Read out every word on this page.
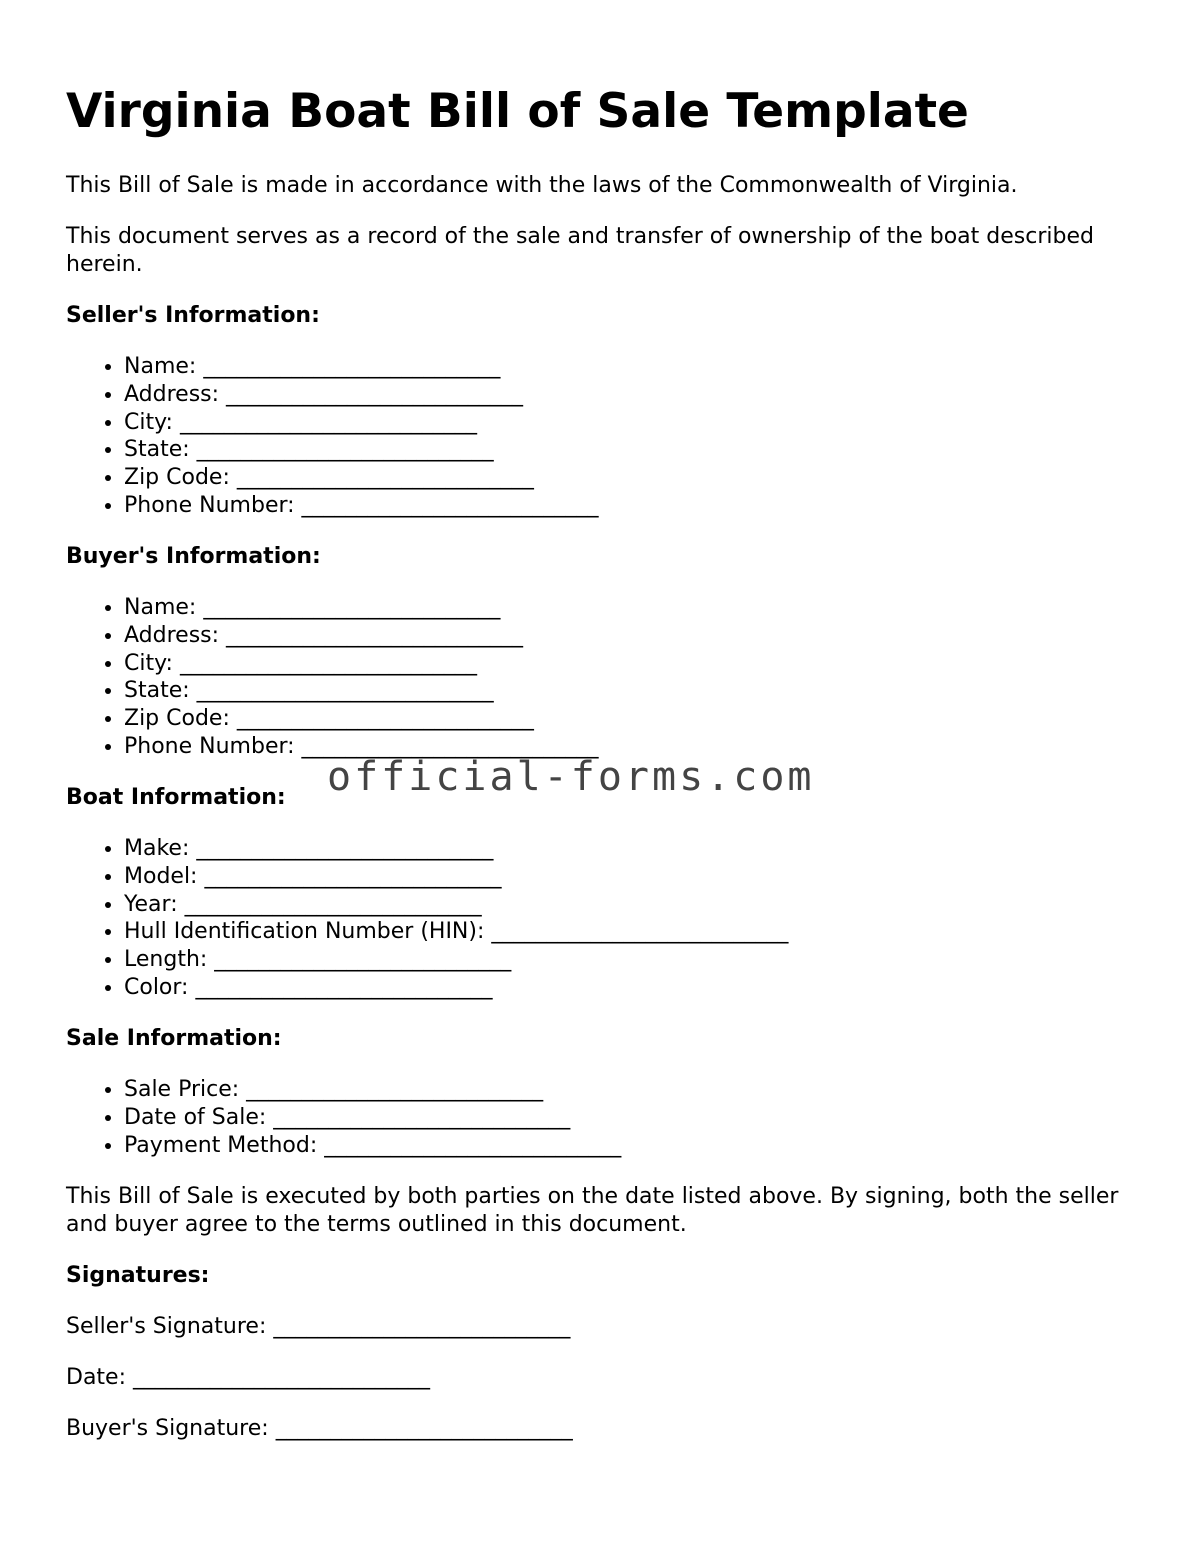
Virginia Boat Bill of Sale Template

This Bill of Sale is made in accordance with the laws of the Commonwealth of Virginia.

This document serves as a record of the sale and transfer of ownership of the boat described herein.

Seller's Information:

• Name: ___________________________
• Address: ___________________________
• City: ___________________________
• State: ___________________________
• Zip Code: ___________________________
• Phone Number: ___________________________

Buyer's Information:

• Name: ___________________________
• Address: ___________________________
• City: ___________________________
• State: ___________________________
• Zip Code: ___________________________
• Phone Number: ___________________________

Boat Information:

• Make: ___________________________
• Model: ___________________________
• Year: ___________________________
• Hull Identification Number (HIN): ___________________________
• Length: ___________________________
• Color: ___________________________

Sale Information:

• Sale Price: ___________________________
• Date of Sale: ___________________________
• Payment Method: ___________________________

This Bill of Sale is executed by both parties on the date listed above. By signing, both the seller and buyer agree to the terms outlined in this document.

Signatures:

Seller's Signature: ___________________________

Date: ___________________________

Buyer's Signature: ___________________________

official-forms.com
